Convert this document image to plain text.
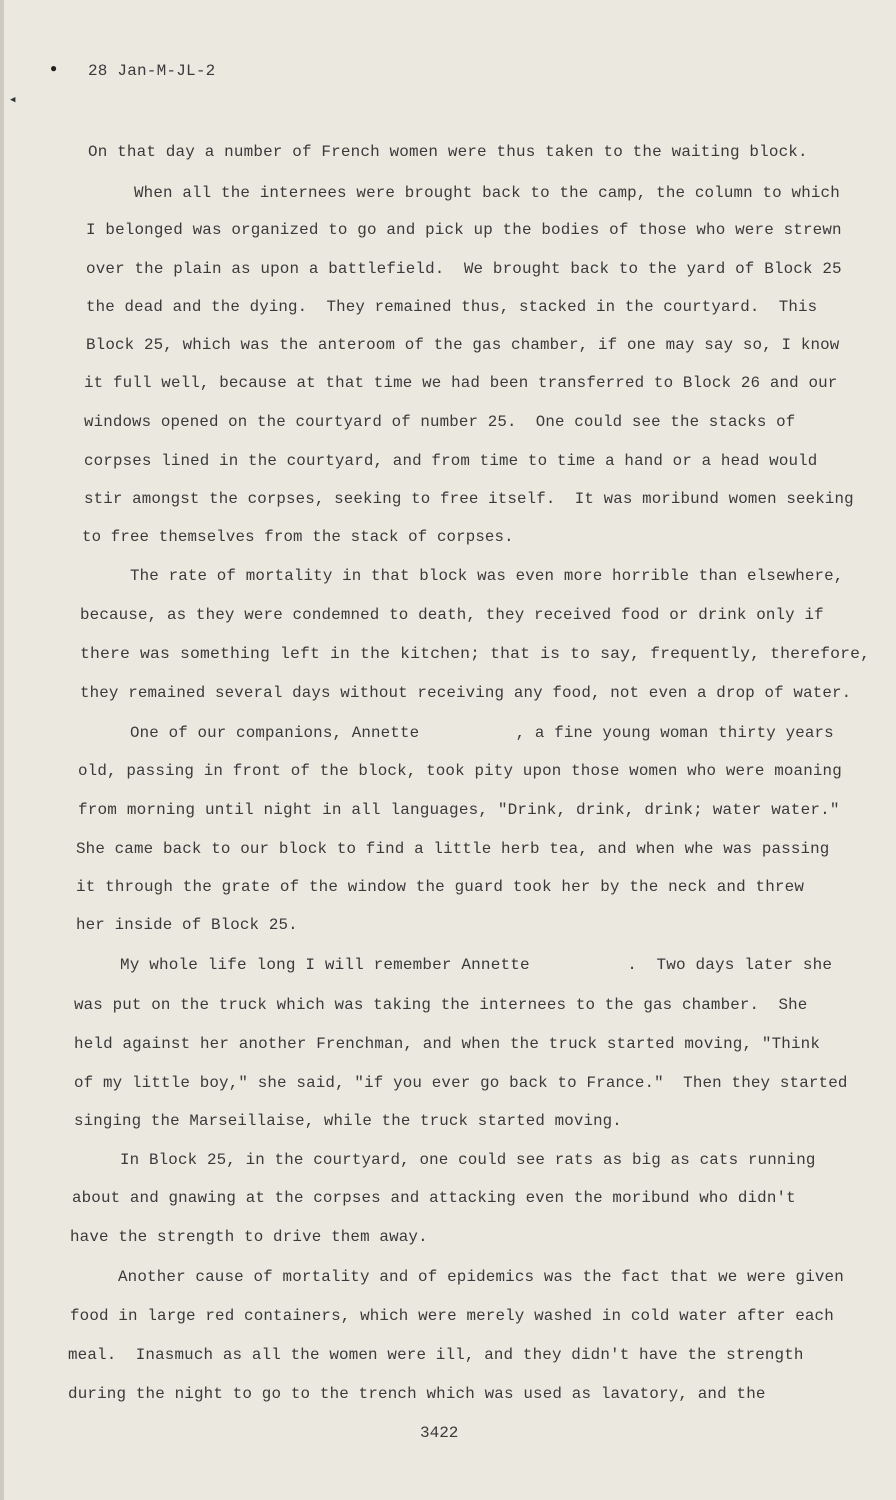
●
◀
28 Jan-M-JL-2
On that day a number of French women were thus taken to the waiting block.
When all the internees were brought back to the camp, the column to which
I belonged was organized to go and pick up the bodies of those who were strewn
over the plain as upon a battlefield.  We brought back to the yard of Block 25
the dead and the dying.  They remained thus, stacked in the courtyard.  This
Block 25, which was the anteroom of the gas chamber, if one may say so, I know
it full well, because at that time we had been transferred to Block 26 and our
windows opened on the courtyard of number 25.  One could see the stacks of
corpses lined in the courtyard, and from time to time a hand or a head would
stir amongst the corpses, seeking to free itself.  It was moribund women seeking
to free themselves from the stack of corpses.
The rate of mortality in that block was even more horrible than elsewhere,
because, as they were condemned to death, they received food or drink only if
there was something left in the kitchen; that is to say, frequently, therefore,
they remained several days without receiving any food, not even a drop of water.
One of our companions, Annette          , a fine young woman thirty years
old, passing in front of the block, took pity upon those women who were moaning
from morning until night in all languages, "Drink, drink, drink; water water."
She came back to our block to find a little herb tea, and when whe was passing
it through the grate of the window the guard took her by the neck and threw
her inside of Block 25.
My whole life long I will remember Annette          .  Two days later she
was put on the truck which was taking the internees to the gas chamber.  She
held against her another Frenchman, and when the truck started moving, "Think
of my little boy," she said, "if you ever go back to France."  Then they started
singing the Marseillaise, while the truck started moving.
In Block 25, in the courtyard, one could see rats as big as cats running
about and gnawing at the corpses and attacking even the moribund who didn't
have the strength to drive them away.
Another cause of mortality and of epidemics was the fact that we were given
food in large red containers, which were merely washed in cold water after each
meal.  Inasmuch as all the women were ill, and they didn't have the strength
during the night to go to the trench which was used as lavatory, and the
3422
